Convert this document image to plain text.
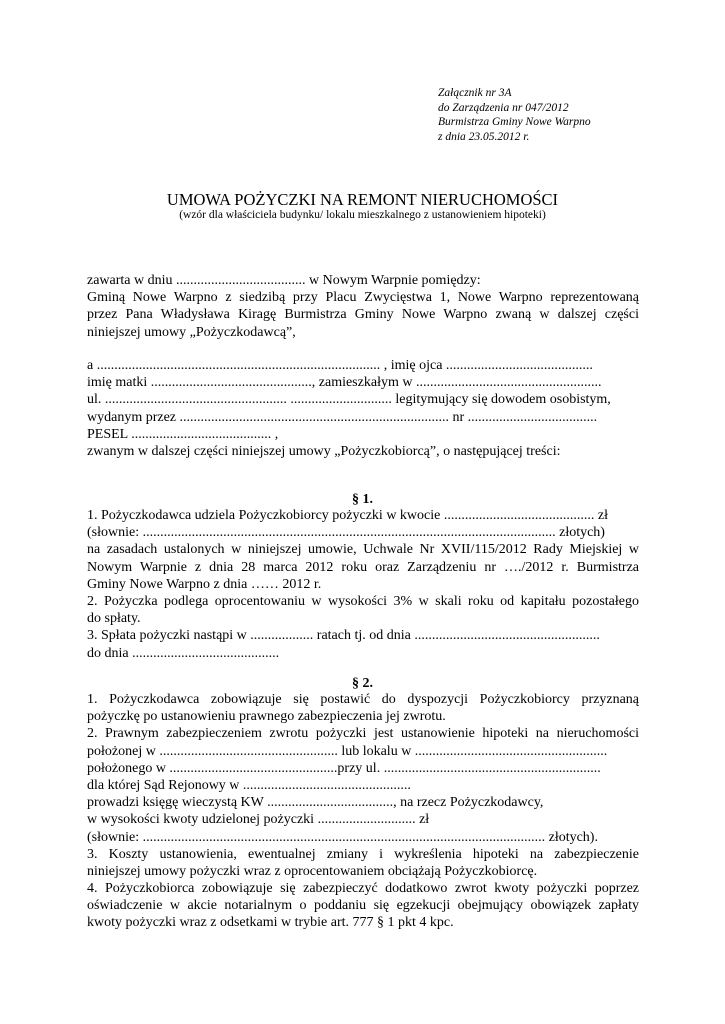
Załącznik nr 3A
do Zarządzenia nr 047/2012
Burmistrza Gminy Nowe Warpno
z dnia 23.05.2012 r.
UMOWA POŻYCZKI NA REMONT NIERUCHOMOŚCI
(wzór dla właściciela budynku/ lokalu mieszkalnego z ustanowieniem hipoteki)
zawarta w dniu ..................................... w Nowym Warpnie pomiędzy:
Gminą Nowe Warpno z siedzibą przy Placu Zwycięstwa 1, Nowe Warpno reprezentowaną
przez Pana Władysława Kiragę Burmistrza Gminy Nowe Warpno zwaną w dalszej części
niniejszej umowy „Pożyczkodawcą”,
a ................................................................................. , imię ojca ..........................................
imię matki .............................................., zamieszkałym w .....................................................
ul. .................................................... ............................. legitymujący się dowodem osobistym,
wydanym przez ............................................................................. nr .....................................
PESEL ........................................ ,
zwanym w dalszej części niniejszej umowy „Pożyczkobiorcą”, o następującej treści:
§ 1.
1. Pożyczkodawca udziela Pożyczkobiorcy pożyczki w kwocie ........................................... zł
(słownie: ...................................................................................................................... złotych)
na zasadach ustalonych w niniejszej umowie, Uchwale Nr XVII/115/2012 Rady Miejskiej w
Nowym Warpnie z dnia 28 marca 2012 roku oraz Zarządzeniu nr …./2012 r. Burmistrza
Gminy Nowe Warpno z dnia …… 2012 r.
2. Pożyczka podlega oprocentowaniu w wysokości 3% w skali roku od kapitału pozostałego
do spłaty.
3. Spłata pożyczki nastąpi w .................. ratach tj. od dnia .....................................................
do dnia ..........................................
§ 2.
1. Pożyczkodawca zobowiązuje się postawić do dyspozycji Pożyczkobiorcy przyznaną
pożyczkę po ustanowieniu prawnego zabezpieczenia jej zwrotu.
2. Prawnym zabezpieczeniem zwrotu pożyczki jest ustanowienie hipoteki na nieruchomości
położonej w ................................................... lub lokalu w .......................................................
położonego w ................................................przy ul. ..............................................................
dla której Sąd Rejonowy w ................................................
prowadzi księgę wieczystą KW ...................................., na rzecz Pożyczkodawcy,
w wysokości kwoty udzielonej pożyczki ............................ zł
(słownie: ................................................................................................................... złotych).
3. Koszty ustanowienia, ewentualnej zmiany i wykreślenia hipoteki na zabezpieczenie
niniejszej umowy pożyczki wraz z oprocentowaniem obciążają Pożyczkobiorcę.
4. Pożyczkobiorca zobowiązuje się zabezpieczyć dodatkowo zwrot kwoty pożyczki poprzez
oświadczenie w akcie notarialnym o poddaniu się egzekucji obejmujący obowiązek zapłaty
kwoty pożyczki wraz z odsetkami w trybie art. 777 § 1 pkt 4 kpc.
